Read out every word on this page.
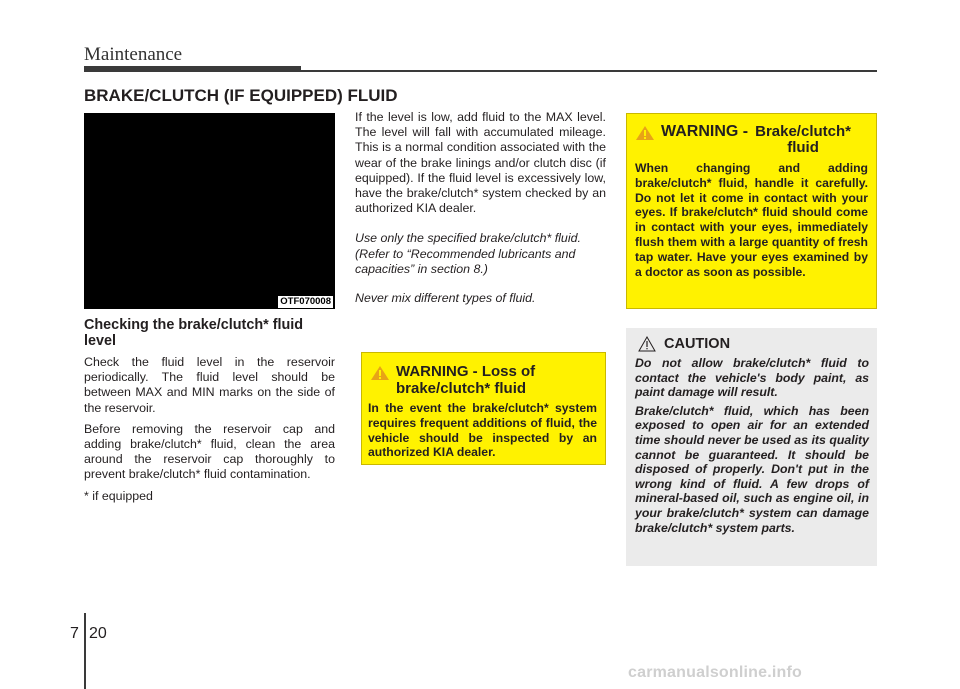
Maintenance
BRAKE/CLUTCH (IF EQUIPPED) FLUID
OTF070008
Checking the brake/clutch* fluid level

Check the fluid level in the reservoir periodically. The fluid level should be between MAX and MIN marks on the side of the reservoir.

Before removing the reservoir cap and adding brake/clutch* fluid, clean the area around the reservoir cap thoroughly to prevent brake/clutch* fluid contamination.

* if equipped

If the level is low, add fluid to the MAX level. The level will fall with accumulated mileage. This is a normal condition associated with the wear of the brake linings and/or clutch disc (if equipped). If the fluid level is excessively low, have the brake/clutch* system checked by an authorized KIA dealer.

Use only the specified brake/clutch* fluid. (Refer to “Recommended lubricants and capacities” in section 8.)

Never mix different types of fluid.

WARNING - Brake/clutch* fluid
When changing and adding brake/clutch* fluid, handle it carefully. Do not let it come in contact with your eyes. If brake/clutch* fluid should come in contact with your eyes, immediately flush them with a large quantity of fresh tap water. Have your eyes examined by a doctor as soon as possible.
WARNING - Loss of brake/clutch* fluid
In the event the brake/clutch* system requires frequent additions of fluid, the vehicle should be inspected by an authorized KIA dealer.
CAUTION

Do not allow brake/clutch* fluid to contact the vehicle's body paint, as paint damage will result.

Brake/clutch* fluid, which has been exposed to open air for an extended time should never be used as its quality cannot be guaranteed. It should be disposed of properly. Don't put in the wrong kind of fluid. A few drops of mineral-based oil, such as engine oil, in your brake/clutch* system can damage brake/clutch* system parts.

7 20
carmanualsonline.info
